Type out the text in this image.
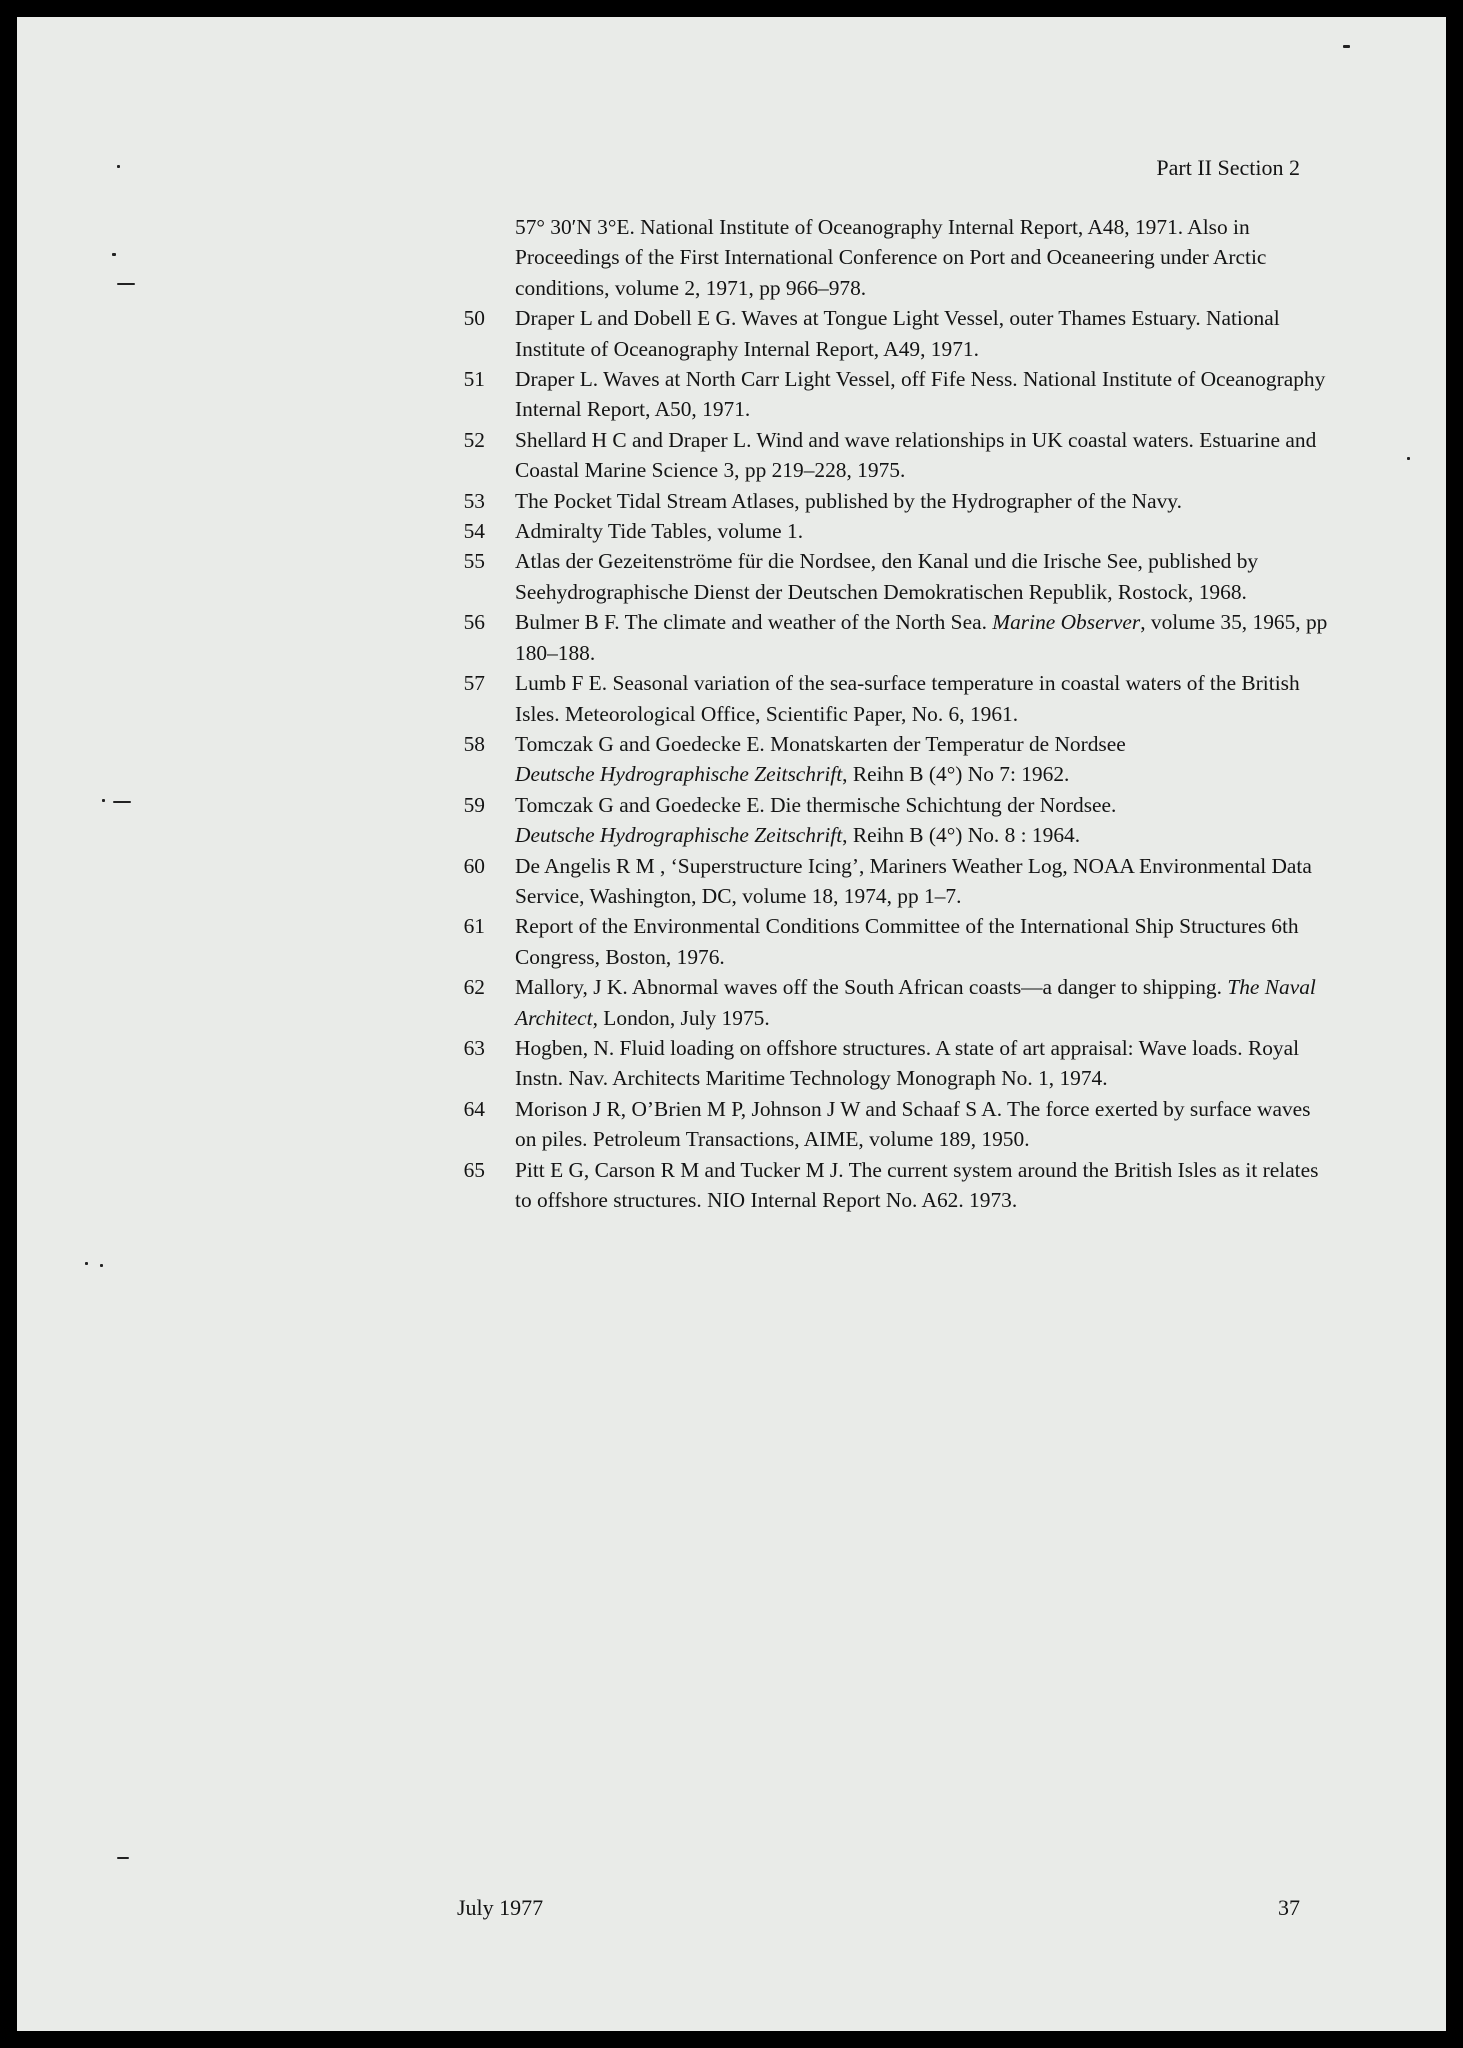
Part II Section 2
57° 30′N 3°E. National Institute of Oceanography Internal Report, A48, 1971. Also in Proceedings of the First International Conference on Port and Oceaneering under Arctic conditions, volume 2, 1971, pp 966–978.
50 Draper L and Dobell E G. Waves at Tongue Light Vessel, outer Thames Estuary. National Institute of Oceanography Internal Report, A49, 1971.
51 Draper L. Waves at North Carr Light Vessel, off Fife Ness. National Institute of Oceanography Internal Report, A50, 1971.
52 Shellard H C and Draper L. Wind and wave relationships in UK coastal waters. Estuarine and Coastal Marine Science 3, pp 219–228, 1975.
53 The Pocket Tidal Stream Atlases, published by the Hydrographer of the Navy.
54 Admiralty Tide Tables, volume 1.
55 Atlas der Gezeitenströme für die Nordsee, den Kanal und die Irische See, published by Seehydrographische Dienst der Deutschen Demokratischen Republik, Rostock, 1968.
56 Bulmer B F. The climate and weather of the North Sea. Marine Observer, volume 35, 1965, pp 180–188.
57 Lumb F E. Seasonal variation of the sea-surface temperature in coastal waters of the British Isles. Meteorological Office, Scientific Paper, No. 6, 1961.
58 Tomczak G and Goedecke E. Monatskarten der Temperatur de Nordsee
Deutsche Hydrographische Zeitschrift, Reihn B (4°) No 7: 1962.
59 Tomczak G and Goedecke E. Die thermische Schichtung der Nordsee.
Deutsche Hydrographische Zeitschrift, Reihn B (4°) No. 8 : 1964.
60 De Angelis R M , ‘Superstructure Icing’, Mariners Weather Log, NOAA Environmental Data Service, Washington, DC, volume 18, 1974, pp 1–7.
61 Report of the Environmental Conditions Committee of the International Ship Structures 6th Congress, Boston, 1976.
62 Mallory, J K. Abnormal waves off the South African coasts—a danger to shipping. The Naval Architect, London, July 1975.
63 Hogben, N. Fluid loading on offshore structures. A state of art appraisal: Wave loads. Royal Instn. Nav. Architects Maritime Technology Monograph No. 1, 1974.
64 Morison J R, O’Brien M P, Johnson J W and Schaaf S A. The force exerted by surface waves on piles. Petroleum Transactions, AIME, volume 189, 1950.
65 Pitt E G, Carson R M and Tucker M J. The current system around the British Isles as it relates to offshore structures. NIO Internal Report No. A62. 1973.
July 1977	37
